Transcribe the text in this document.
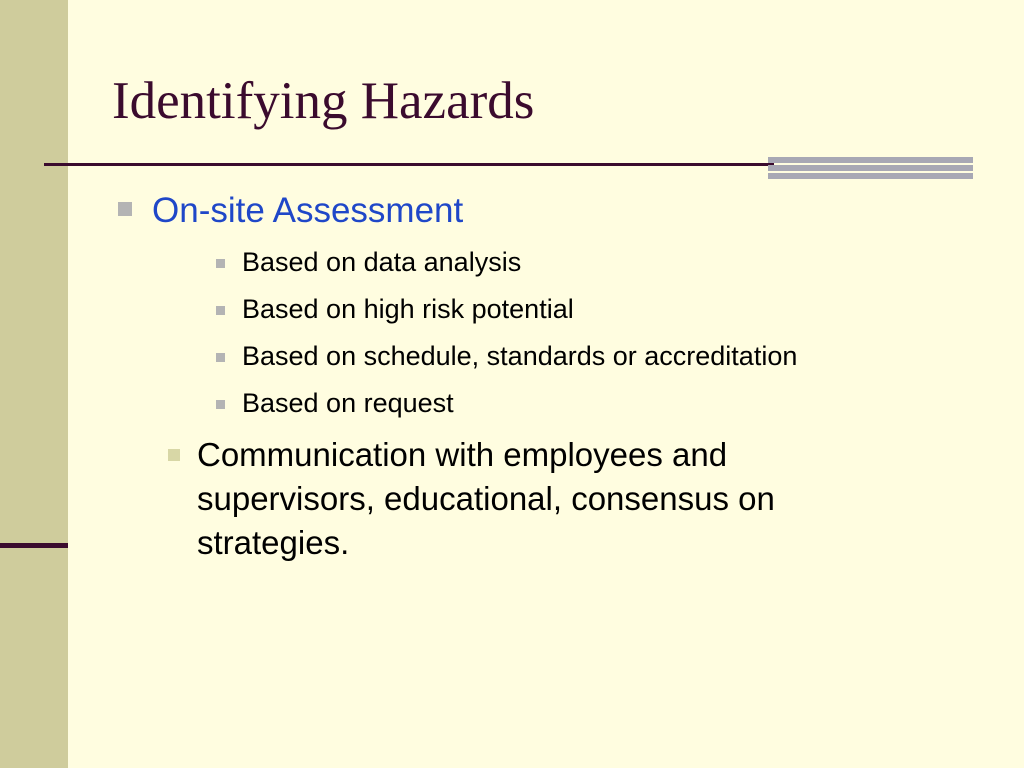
Identifying Hazards
On-site Assessment
Based on data analysis
Based on high risk potential
Based on schedule, standards or accreditation
Based on request
Communication with employees and supervisors, educational, consensus on strategies.
